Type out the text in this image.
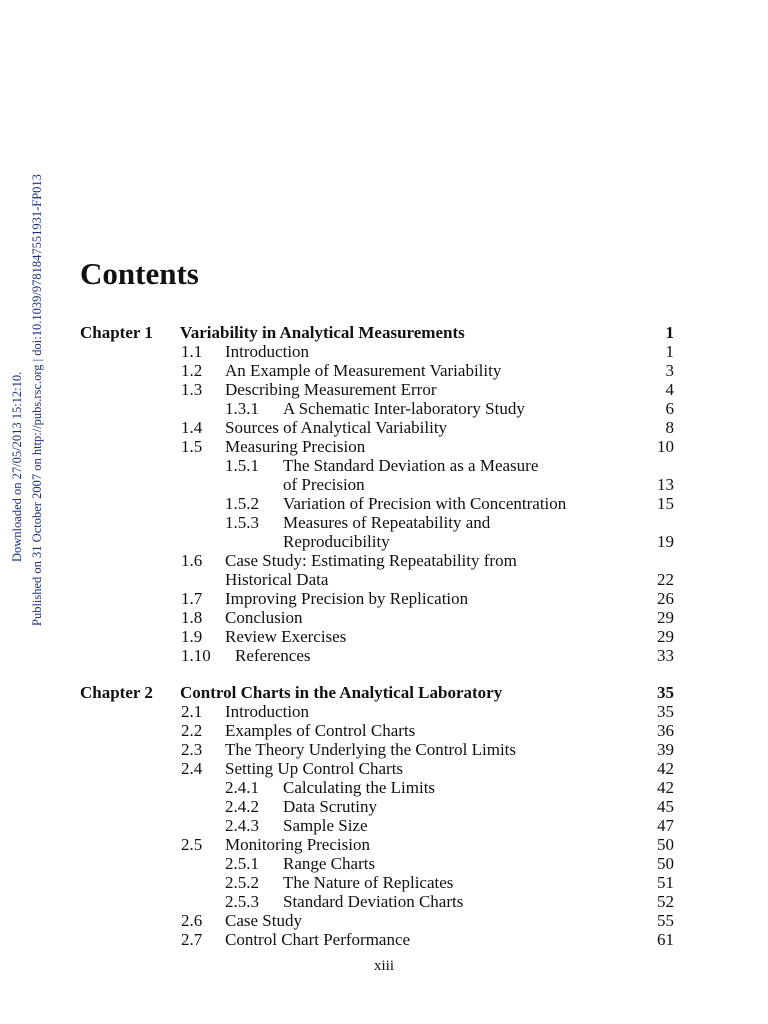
Downloaded on 27/05/2013 15:12:10. Published on 31 October 2007 on http://pubs.rsc.org | doi:10.1039/9781847551931-FP013 Contents
Chapter 1 Variability in Analytical Measurements	1
1.1 Introduction	1
1.2 An Example of Measurement Variability	3
1.3 Describing Measurement Error	4
1.3.1 A Schematic Inter-laboratory Study	6
1.4 Sources of Analytical Variability	8
1.5 Measuring Precision	10
1.5.1 The Standard Deviation as a Measure
of Precision	13
1.5.2 Variation of Precision with Concentration	15
1.5.3 Measures of Repeatability and
Reproducibility	19
1.6 Case Study: Estimating Repeatability from
Historical Data	22
1.7 Improving Precision by Replication	26
1.8 Conclusion	29
1.9 Review Exercises	29
1.10 References	33
Chapter 2 Control Charts in the Analytical Laboratory	35
2.1 Introduction	35
2.2 Examples of Control Charts	36
2.3 The Theory Underlying the Control Limits	39
2.4 Setting Up Control Charts	42
2.4.1 Calculating the Limits	42
2.4.2 Data Scrutiny	45
2.4.3 Sample Size	47
2.5 Monitoring Precision	50
2.5.1 Range Charts	50
2.5.2 The Nature of Replicates	51
2.5.3 Standard Deviation Charts	52
2.6 Case Study	55
2.7 Control Chart Performance	61
xiii
